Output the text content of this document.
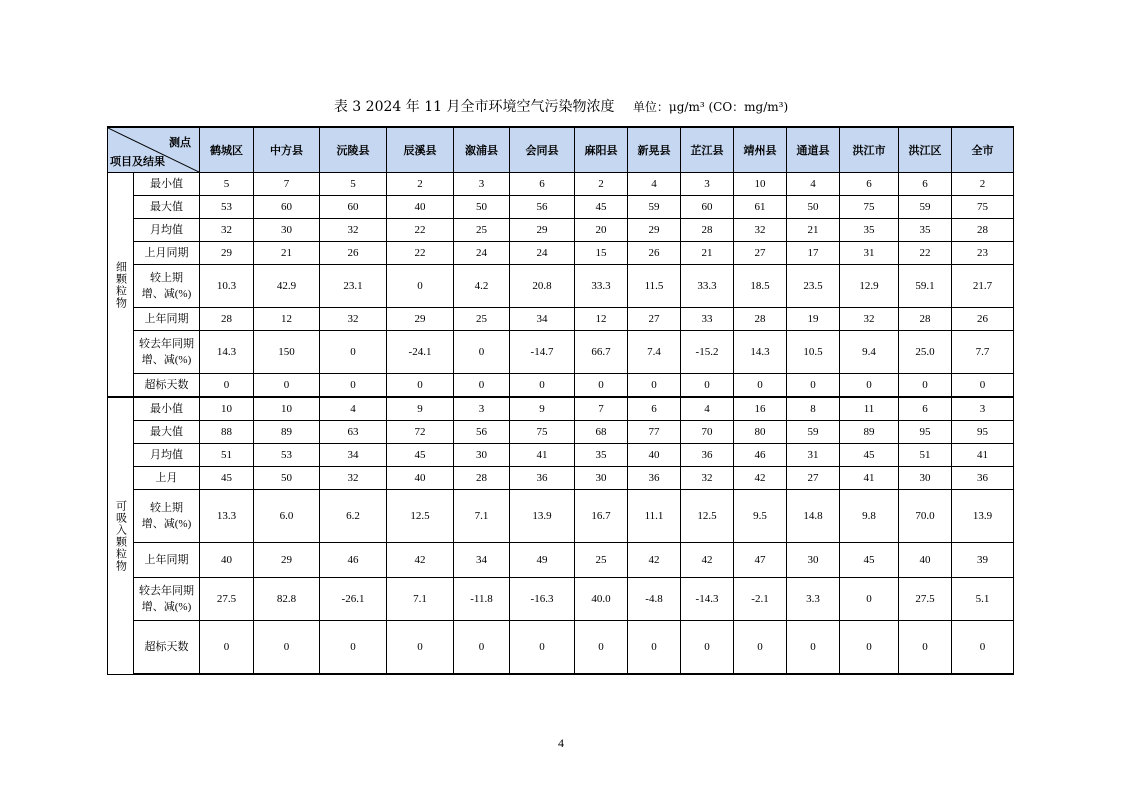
表 3 2024 年 11 月全市环境空气污染物浓度 单位：μg/m³ (CO：mg/m³)
测点
项目及结果		鹤城区	中方县	沅陵县	辰溪县	溆浦县	会同县	麻阳县	新晃县	芷江县	靖州县	通道县	洪江市	洪江区	全市
细颗粒物	最小值	5	7	5	2	3	6	2	4	3	10	4	6	6	2
	最大值	53	60	60	40	50	56	45	59	60	61	50	75	59	75
	月均值	32	30	32	22	25	29	20	29	28	32	21	35	35	28
	上月同期	29	21	26	22	24	24	15	26	21	27	17	31	22	23
	较上期
增、减(%)	10.3	42.9	23.1	0	4.2	20.8	33.3	11.5	33.3	18.5	23.5	12.9	59.1	21.7
	上年同期	28	12	32	29	25	34	12	27	33	28	19	32	28	26
	较去年同期
增、减(%)	14.3	150	0	-24.1	0	-14.7	66.7	7.4	-15.2	14.3	10.5	9.4	25.0	7.7
	超标天数	0	0	0	0	0	0	0	0	0	0	0	0	0	0
可吸入颗粒物	最小值	10	10	4	9	3	9	7	6	4	16	8	11	6	3
	最大值	88	89	63	72	56	75	68	77	70	80	59	89	95	95
	月均值	51	53	34	45	30	41	35	40	36	46	31	45	51	41
	上月	45	50	32	40	28	36	30	36	32	42	27	41	30	36
	较上期
增、减(%)	13.3	6.0	6.2	12.5	7.1	13.9	16.7	11.1	12.5	9.5	14.8	9.8	70.0	13.9
	上年同期	40	29	46	42	34	49	25	42	42	47	30	45	40	39
	较去年同期
增、减(%)	27.5	82.8	-26.1	7.1	-11.8	-16.3	40.0	-4.8	-14.3	-2.1	3.3	0	27.5	5.1
	超标天数	0	0	0	0	0	0	0	0	0	0	0	0	0	0
4
